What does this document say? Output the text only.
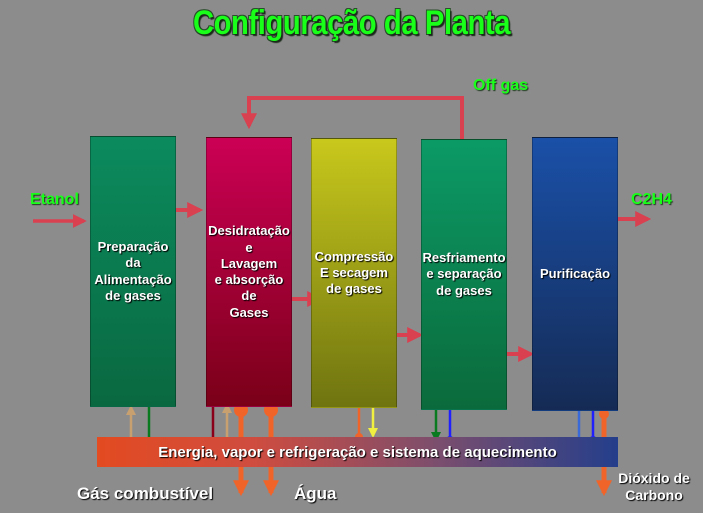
Configuração da Planta
Preparação
da
Alimentação
de gases
Desidratação
e
Lavagem
e absorção
de
Gases
Compressão
E secagem
de gases
Resfriamento
e separação
de gases
Purificação
Energia, vapor e refrigeração e sistema de aquecimento
Off gas
Etanol	C2H4
Gás combustível	Água
Dióxido de
Carbono
